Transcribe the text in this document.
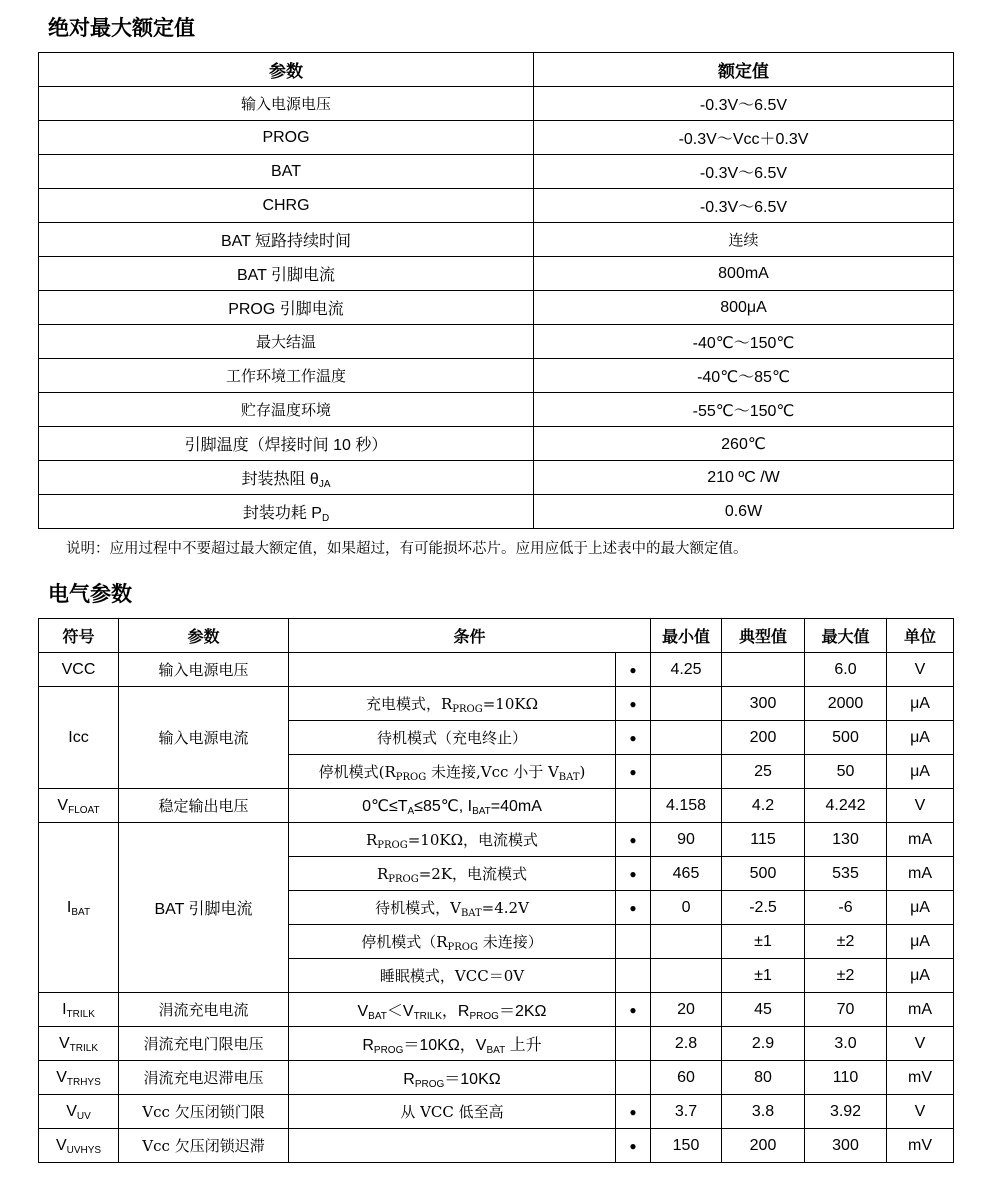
绝对最大额定值
参数	额定值
输入电源电压	-0.3V～6.5V
PROG	-0.3V～Vcc＋0.3V
BAT	-0.3V～6.5V
CHRG	-0.3V～6.5V
BAT 短路持续时间	连续
BAT 引脚电流	800mA
PROG 引脚电流	800μA
最大结温	-40℃～150℃
工作环境工作温度	-40℃～85℃
贮存温度环境	-55℃～150℃
引脚温度（焊接时间 10 秒）	260℃
封装热阻 $\theta_{JA}$	210 ºC /W
封装功耗 $P_D$	0.6W
说明：应用过程中不要超过最大额定值，如果超过，有可能损坏芯片。应用应低于上述表中的最大额定值。
电气参数
符号	参数	条件		最小值	典型值	最大值	单位
VCC	输入电源电压		●	4.25		6.0	V
Icc	输入电源电流	充电模式，$R_{PROG}=10K\Omega$	●		300	2000	μA
		待机模式（充电终止）	●		200	500	μA
		停机模式($R_{PROG}$ 未连接,Vcc 小于 $V_{BAT}$)	●		25	50	μA
$V_{FLOAT}$	稳定输出电压	$0℃\le T_A\le 85℃$, $I_{BAT}=40mA$		4.158	4.2	4.242	V
$I_{BAT}$	BAT 引脚电流	$R_{PROG}=10K\Omega$，电流模式	●	90	115	130	mA
		$R_{PROG}=2K$，电流模式	●	465	500	535	mA
		待机模式，$V_{BAT}=4.2V$	●	0	-2.5	-6	μA
		停机模式（$R_{PROG}$ 未连接）			±1	±2	μA
		睡眠模式，VCC＝0V			±1	±2	μA
$I_{TRILK}$	涓流充电电流	$V_{BAT}<V_{TRILK}$，$R_{PROG}=2K\Omega$	●	20	45	70	mA
$V_{TRILK}$	涓流充电门限电压	$R_{PROG}=10K\Omega$，$V_{BAT}$ 上升		2.8	2.9	3.0	V
$V_{TRHYS}$	涓流充电迟滞电压	$R_{PROG}=10K\Omega$		60	80	110	mV
$V_{UV}$	Vcc 欠压闭锁门限	从 VCC 低至高	●	3.7	3.8	3.92	V
$V_{UVHYS}$	Vcc 欠压闭锁迟滞		●	150	200	300	mV
